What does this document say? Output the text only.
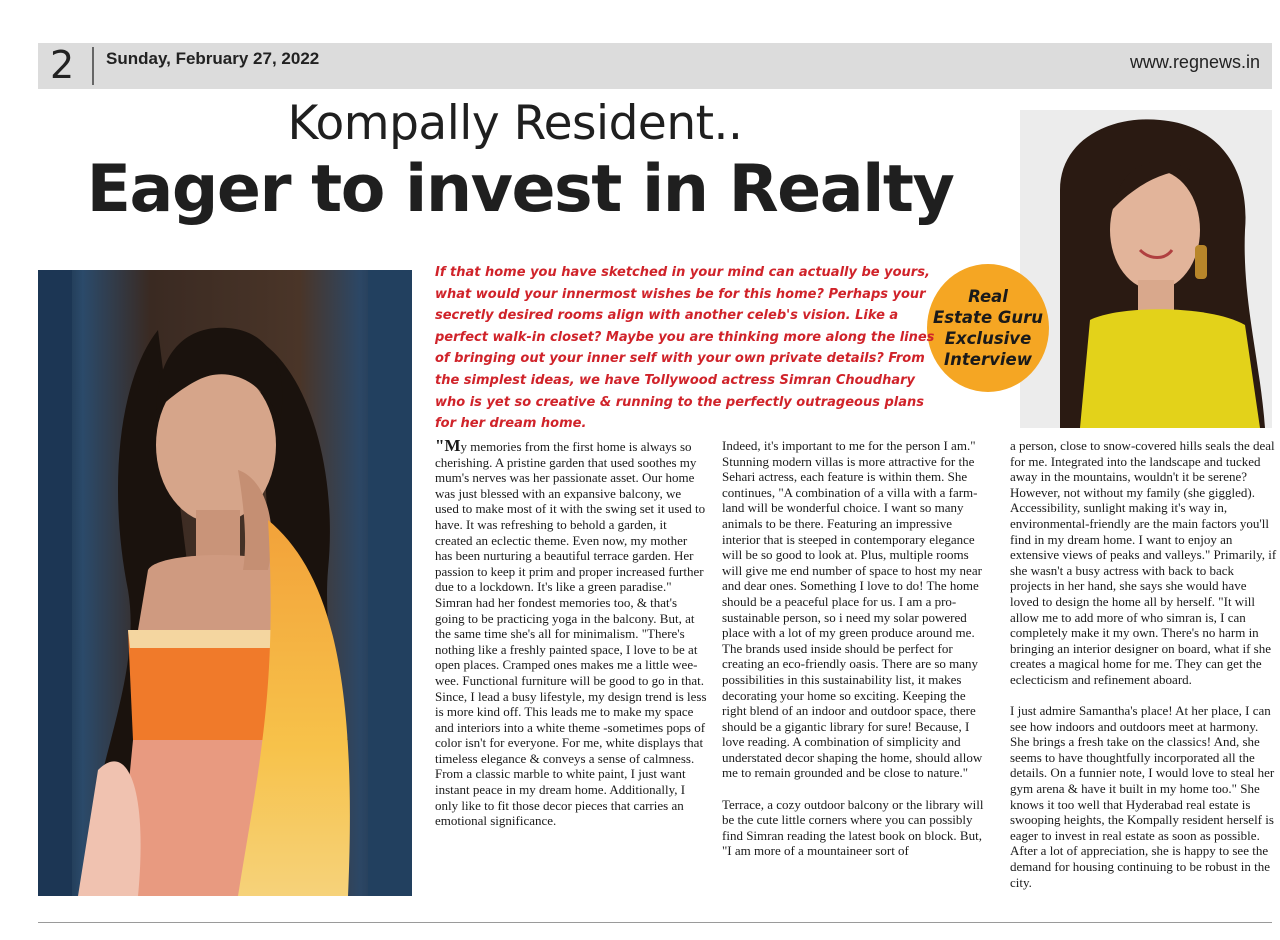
2	Sunday, February 27, 2022	www.regnews.in
Kompally Resident..
Eager to invest in Realty
Real
Estate Guru
Exclusive
Interview
If that home you have sketched in your mind can actually be yours, what would your innermost wishes be for this home? Perhaps your secretly desired rooms align with another celeb's vision. Like a perfect walk-in closet? Maybe you are thinking more along the lines of bringing out your inner self with your own private details? From the simplest ideas, we have Tollywood actress Simran Choudhary who is yet so creative & running to the perfectly outrageous plans for her dream home.

"My memories from the first home is always so cherishing. A pristine garden that used soothes my mum's nerves was her passionate asset. Our home was just blessed with an expansive balcony, we used to make most of it with the swing set it used to have. It was refreshing to behold a garden, it created an eclectic theme. Even now, my mother has been nurturing a beautiful terrace garden. Her passion to keep it prim and proper increased further due to a lockdown. It's like a green paradise." Simran had her fondest memories too, & that's going to be practicing yoga in the balcony. But, at the same time she's all for minimalism. "There's nothing like a freshly painted space, I love to be at open places. Cramped ones makes me a little wee-wee. Functional furniture will be good to go in that. Since, I lead a busy lifestyle, my design trend is less is more kind off. This leads me to make my space and interiors into a white theme -sometimes pops of color isn't for everyone. For me, white displays that timeless elegance & conveys a sense of calmness. From a classic marble to white paint, I just want instant peace in my dream home. Additionally, I only like to fit those decor pieces that carries an emotional significance.

Indeed, it's important to me for the person I am." Stunning modern villas is more attractive for the Sehari actress, each feature is within them. She continues, "A combination of a villa with a farm-land will be wonderful choice. I want so many animals to be there. Featuring an impressive interior that is steeped in contemporary elegance will be so good to look at. Plus, multiple rooms will give me end number of space to host my near and dear ones. Something I love to do! The home should be a peaceful place for us. I am a pro-sustainable person, so i need my solar powered place with a lot of my green produce around me. The brands used inside should be perfect for creating an eco-friendly oasis. There are so many possibilities in this sustainability list, it makes decorating your home so exciting. Keeping the right blend of an indoor and outdoor space, there should be a gigantic library for sure! Because, I love reading. A combination of simplicity and understated decor shaping the home, should allow me to remain grounded and be close to nature."

Terrace, a cozy outdoor balcony or the library will be the cute little corners where you can possibly find Simran reading the latest book on block. But, "I am more of a mountaineer sort of

a person, close to snow-covered hills seals the deal for me. Integrated into the landscape and tucked away in the mountains, wouldn't it be serene? However, not without my family (she giggled). Accessibility, sunlight making it's way in, environmental-friendly are the main factors you'll find in my dream home. I want to enjoy an extensive views of peaks and valleys." Primarily, if she wasn't a busy actress with back to back projects in her hand, she says she would have loved to design the home all by herself. "It will allow me to add more of who simran is, I can completely make it my own. There's no harm in bringing an interior designer on board, what if she creates a magical home for me. They can get the eclecticism and refinement aboard.

I just admire Samantha's place! At her place, I can see how indoors and outdoors meet at harmony. She brings a fresh take on the classics! And, she seems to have thoughtfully incorporated all the details. On a funnier note, I would love to steal her gym arena & have it built in my home too." She knows it too well that Hyderabad real estate is swooping heights, the Kompally resident herself is eager to invest in real estate as soon as possible. After a lot of appreciation, she is happy to see the demand for housing continuing to be robust in the city.
